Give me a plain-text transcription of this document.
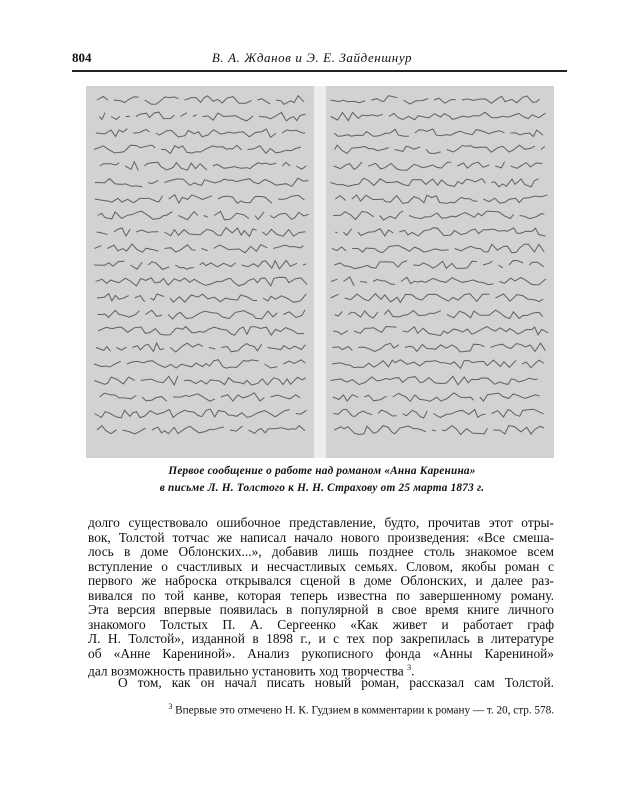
804	В. А. Жданов и Э. Е. Зайденшнур
Первое сообщение о работе над романом «Анна Каренина»
в письме Л. Н. Толстого к Н. Н. Страхову от 25 марта 1873 г.
долго существовало ошибочное представление, будто, прочитав этот отры-
вок, Толстой тотчас же написал начало нового произведения: «Все смеша-
лось в доме Облонских...», добавив лишь позднее столь знакомое всем
вступление о счастливых и несчастливых семьях. Словом, якобы роман с
первого же наброска открывался сценой в доме Облонских, и далее раз-
вивался по той канве, которая теперь известна по завершенному роману.
Эта версия впервые появилась в популярной в свое время книге личного
знакомого Толстых П. А. Сергеенко «Как живет и работает граф
Л. Н. Толстой», изданной в 1898 г., и с тех пор закрепилась в литературе
об «Анне Карениной». Анализ рукописного фонда «Анны Карениной»
дал возможность правильно установить ход творчества $^3$.
О том, как он начал писать новый роман, рассказал сам Толстой.
$^3$ Впервые это отмечено Н. К. Гудзием в комментарии к роману — т. 20, стр. 578.
